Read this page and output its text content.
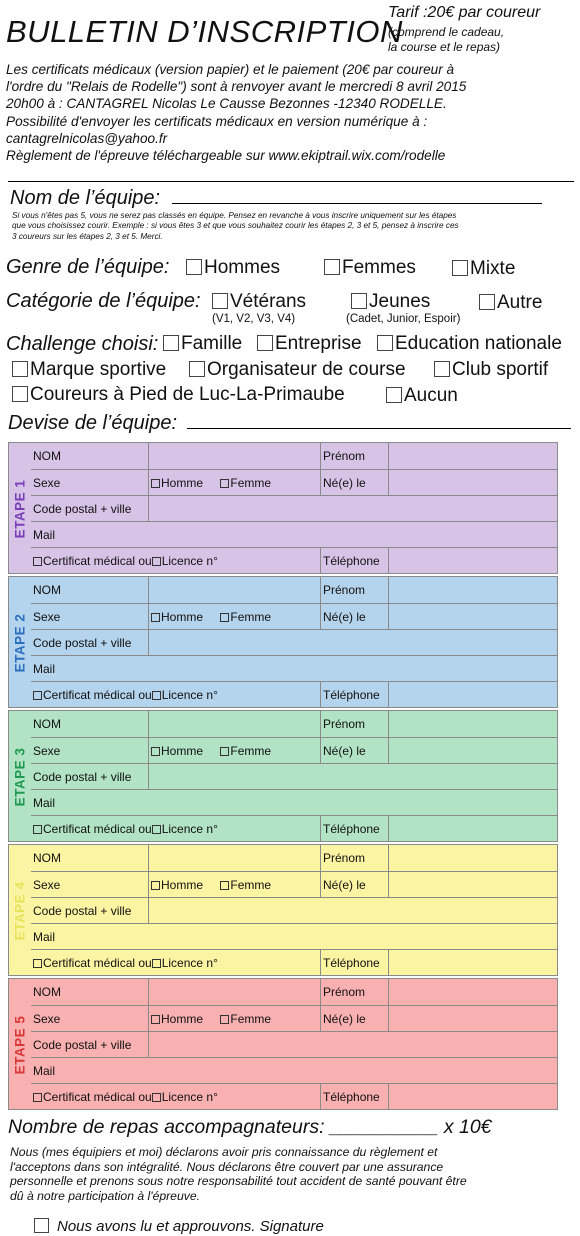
BULLETIN D’INSCRIPTION
Tarif :20€ par coureur
(comprend le cadeau,
la course et le repas)
Les certificats médicaux (version papier) et le paiement (20€ par coureur à
l'ordre du "Relais de Rodelle") sont à renvoyer avant le mercredi 8 avril 2015
20h00 à : CANTAGREL Nicolas Le Causse Bezonnes -12340 RODELLE.
Possibilité d'envoyer les certificats médicaux en version numérique à :
cantagrelnicolas@yahoo.fr
Règlement de l'épreuve téléchargeable sur www.ekiptrail.wix.com/rodelle
Nom de l’équipe:
Si vous n'êtes pas 5, vous ne serez pas classés en équipe. Pensez en revanche à vous inscrire uniquement sur les étapes
que vous choisissez courir. Exemple : si vous êtes 3 et que vous souhaitez courir les étapes 2, 3 et 5, pensez à inscrire ces
3 coureurs sur les étapes 2, 3 et 5. Merci.
Genre de l’équipe:	Hommes	Femmes	Mixte
Catégorie de l’équipe:	Vétérans
(V1, V2, V3, V4)
Jeunes
(Cadet, Junior, Espoir)
Autre
Challenge choisi:	Famille	Entreprise	Education nationale
Marque sportive	Organisateur de course	Club sportif
Coureurs à Pied de Luc-La-Primaube	Aucun
Devise de l’équipe:
ETAPE 1
NOM	Prénom
Sexe	Homme Femme	Né(e) le
Code postal + ville
Mail
Certificat médical ou Licence n°	Téléphone
ETAPE 2
NOM	Prénom
Sexe	Homme Femme	Né(e) le
Code postal + ville
Mail
Certificat médical ou Licence n°	Téléphone
ETAPE 3
NOM	Prénom
Sexe	Homme Femme	Né(e) le
Code postal + ville
Mail
Certificat médical ou Licence n°	Téléphone
ETAPE 4
NOM	Prénom
Sexe	Homme Femme	Né(e) le
Code postal + ville
Mail
Certificat médical ou Licence n°	Téléphone
ETAPE 5
NOM	Prénom
Sexe	Homme Femme	Né(e) le
Code postal + ville
Mail
Certificat médical ou Licence n°	Téléphone
Nombre de repas accompagnateurs: __________ x 10€
Nous (mes équipiers et moi) déclarons avoir pris connaissance du règlement et
l'acceptons dans son intégralité. Nous déclarons être couvert par une assurance
personnelle et prenons sous notre responsabilité tout accident de santé pouvant être
dû à notre participation à l'épreuve.
Nous avons lu et approuvons. Signature
